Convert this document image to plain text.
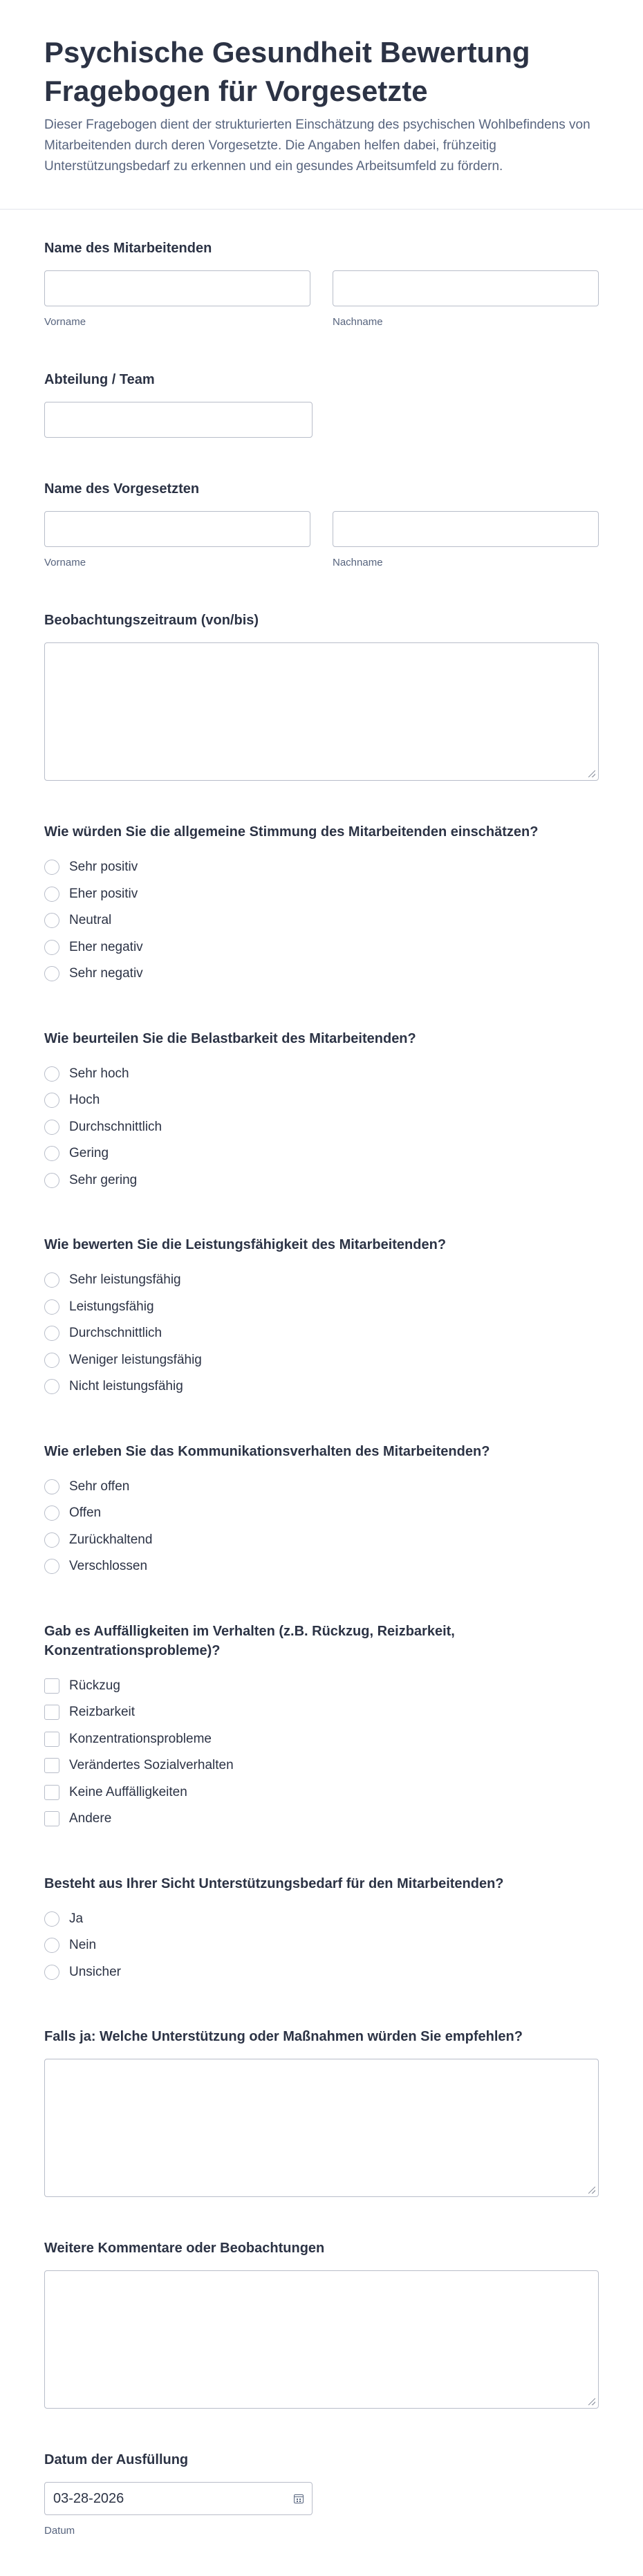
Psychische Gesundheit Bewertung Fragebogen für Vorgesetzte

Dieser Fragebogen dient der strukturierten Einschätzung des psychischen Wohlbefindens von Mitarbeitenden durch deren Vorgesetzte. Die Angaben helfen dabei, frühzeitig Unterstützungsbedarf zu erkennen und ein gesundes Arbeitsumfeld zu fördern.

Name des Mitarbeitenden
Vorname	Nachname
Abteilung / Team
Name des Vorgesetzten
Vorname	Nachname
Beobachtungszeitraum (von/bis)
Wie würden Sie die allgemeine Stimmung des Mitarbeitenden einschätzen?
Sehr positiv
Eher positiv
Neutral
Eher negativ
Sehr negativ
Wie beurteilen Sie die Belastbarkeit des Mitarbeitenden?
Sehr hoch
Hoch
Durchschnittlich
Gering
Sehr gering
Wie bewerten Sie die Leistungsfähigkeit des Mitarbeitenden?
Sehr leistungsfähig
Leistungsfähig
Durchschnittlich
Weniger leistungsfähig
Nicht leistungsfähig
Wie erleben Sie das Kommunikationsverhalten des Mitarbeitenden?
Sehr offen
Offen
Zurückhaltend
Verschlossen
Gab es Auffälligkeiten im Verhalten (z.B. Rückzug, Reizbarkeit, Konzentrationsprobleme)?
Rückzug
Reizbarkeit
Konzentrationsprobleme
Verändertes Sozialverhalten
Keine Auffälligkeiten
Andere
Besteht aus Ihrer Sicht Unterstützungsbedarf für den Mitarbeitenden?
Ja
Nein
Unsicher
Falls ja: Welche Unterstützung oder Maßnahmen würden Sie empfehlen?
Weitere Kommentare oder Beobachtungen
Datum der Ausfüllung
03-28-2026
Datum
